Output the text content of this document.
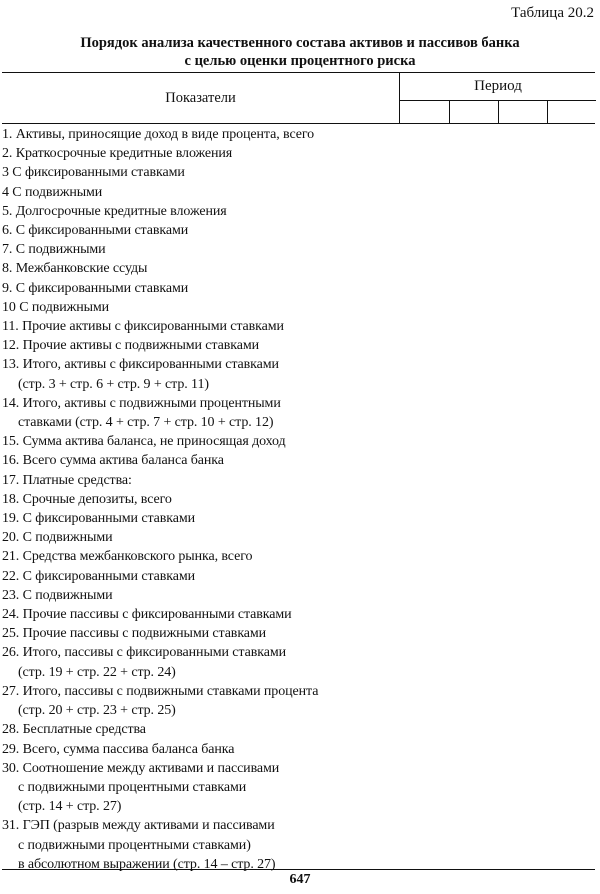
Таблица 20.2
Порядок анализа качественного состава активов и пассивов банка
с целью оценки процентного риска
Показатели
Период
1. Активы, приносящие доход в виде процента, всего
2. Краткосрочные кредитные вложения
3 С фиксированными ставками
4 С подвижными
5. Долгосрочные кредитные вложения
6. С фиксированными ставками
7. С подвижными
8. Межбанковские ссуды
9. С фиксированными ставками
10 С подвижными
11. Прочие активы с фиксированными ставками
12. Прочие активы с подвижными ставками
13. Итого, активы с фиксированными ставками
(стр. 3 + стр. 6 + стр. 9 + стр. 11)
14. Итого, активы с подвижными процентными
ставками (стр. 4 + стр. 7 + стр. 10 + стр. 12)
15. Сумма актива баланса, не приносящая доход
16. Всего сумма актива баланса банка
17. Платные средства:
18. Срочные депозиты, всего
19. С фиксированными ставками
20. С подвижными
21. Средства межбанковского рынка, всего
22. С фиксированными ставками
23. С подвижными
24. Прочие пассивы с фиксированными ставками
25. Прочие пассивы с подвижными ставками
26. Итого, пассивы с фиксированными ставками
(стр. 19 + стр. 22 + стр. 24)
27. Итого, пассивы с подвижными ставками процента
(стр. 20 + стр. 23 + стр. 25)
28. Бесплатные средства
29. Всего, сумма пассива баланса банка
30. Соотношение между активами и пассивами
с подвижными процентными ставками
(стр. 14 + стр. 27)
31. ГЭП (разрыв между активами и пассивами
с подвижными процентными ставками)
в абсолютном выражении (стр. 14 – стр. 27)
647
